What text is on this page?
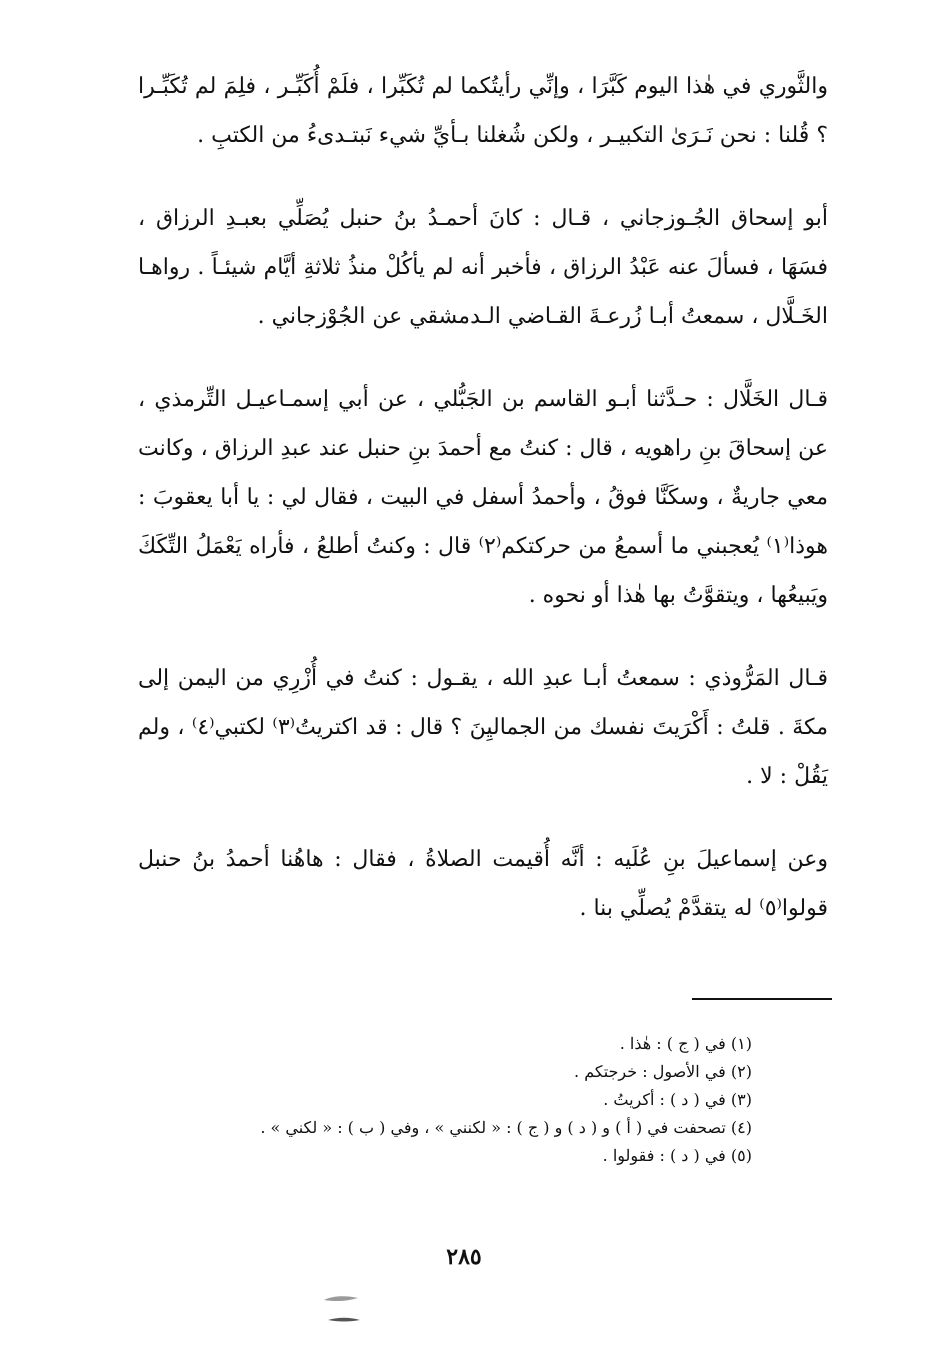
والثَّوري في هٰذا اليوم كَبَّرَا ، وإنِّي رأيتُكما لم تُكَبِّرا ، فلَمْ أُكَبِّـر ، فلِمَ لم تُكَبِّـرا ؟ قُلنا : نحن نَـرَىٰ التكبيـر ، ولكن شُغلنا بـأيِّ شيء نَبتـدىءُ من الكتبِ .

أبو إسحاق الجُـوزجاني ، قـال : كانَ أحمـدُ بنُ حنبل يُصَلِّي بعبـدِ الرزاق ، فسَهَا ، فسألَ عنه عَبْدُ الرزاق ، فأخبر أنه لم يأكُلْ منذُ ثلاثةِ أيَّام شيئـاً . رواهـا الخَـلَّال ، سمعتُ أبـا زُرعـةَ القـاضي الـدمشقي عن الجُوْزجاني .

قـال الخَلَّال : حـدَّثنا أبـو القاسم بن الجَبُّلي ، عن أبي إسمـاعيـل التِّرمذي ، عن إسحاقَ بنِ راهويه ، قال : كنتُ مع أحمدَ بنِ حنبل عند عبدِ الرزاق ، وكانت معي جاريةٌ ، وسكَنَّا فوقُ ، وأحمدُ أسفل في البيت ، فقال لي : يا أبا يعقوبَ : هوذا⁽١⁾ يُعجبني ما أسمعُ من حركتكم⁽٢⁾ قال : وكنتُ أطلعُ ، فأراه يَعْمَلُ التِّكَكَ ويَبيعُها ، ويتقوَّتُ بها هٰذا أو نحوه .

قـال المَرُّوذي : سمعتُ أبـا عبدِ الله ، يقـول : كنتُ في أُزْرِي من اليمن إلى مكةَ . قلتُ : أَكْرَيتَ نفسك من الجماليِنَ ؟ قال : قد اكتريتُ⁽٣⁾ لكتبي⁽٤⁾ ، ولم يَقُلْ : لا .

وعن إسماعيلَ بنِ عُلَيه : أنَّه أُقيمت الصلاةُ ، فقال : هاهُنا أحمدُ بنُ حنبل قولوا⁽٥⁾ له يتقدَّمْ يُصلِّي بنا .

(١) في ( ج ) : هٰذا .
(٢) في الأصول : خرجتكم .
(٣) في ( د ) : أكريتُ .
(٤) تصحفت في ( أ ) و ( د ) و ( ج ) : « لكنني » ، وفي ( ب ) : « لكني » .
(٥) في ( د ) : فقولوا .
٢٨٥
